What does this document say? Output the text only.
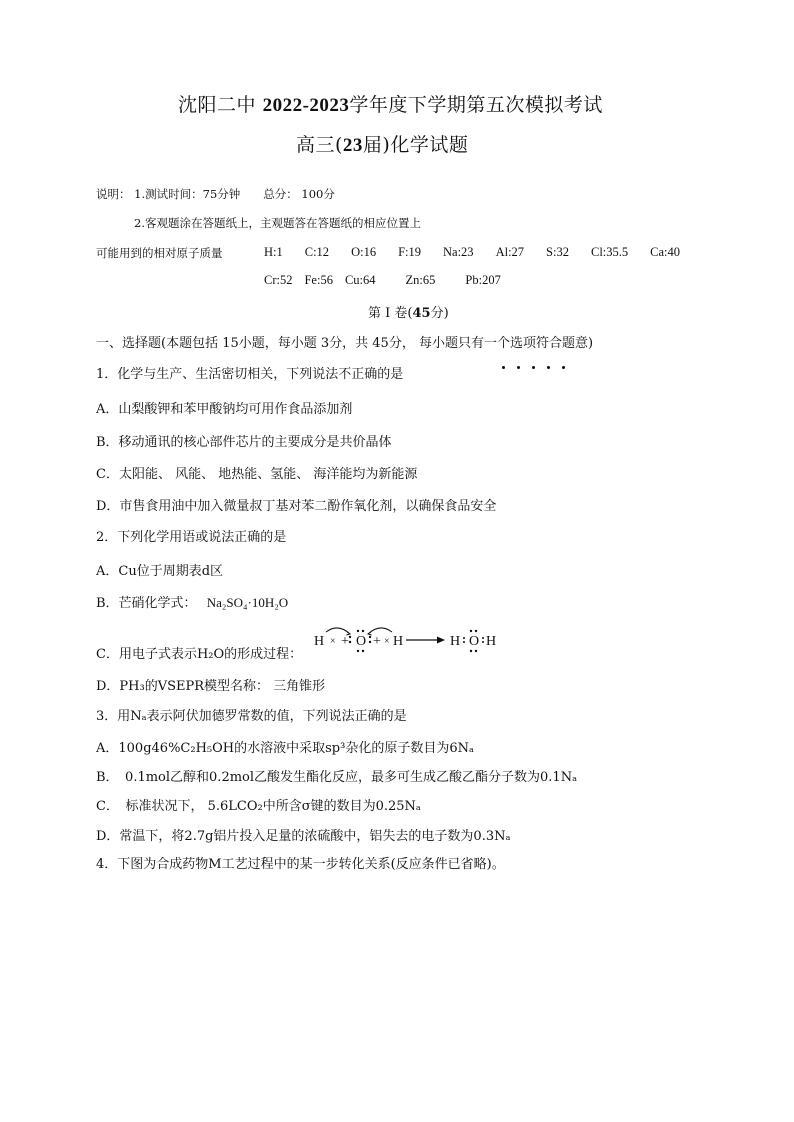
沈阳二中 2022-2023学年度下学期第五次模拟考试
高三(23届)化学试题
说明： 1.测试时间：75分钟　　总分： 100分
2.客观题涂在答题纸上，主观题答在答题纸的相应位置上
可能用到的相对原子质量	H:1 C:12 O:16 F:19 Na:23 Al:27 S:32 Cl:35.5 Ca:40
Cr:52 Fe:56 Cu:64 Zn:65 Pb:207
第 I 卷(45分)
一、选择题(本题包括 15小题，每小题 3分，共 45分， 每小题只有一个选项符合题意)
1．化学与生产、生活密切相关，下列说法不正确的是
A．山梨酸钾和苯甲酸钠均可用作食品添加剂
B．移动通讯的核心部件芯片的主要成分是共价晶体
C．太阳能、 风能、 地热能、氢能、 海洋能均为新能源
D．市售食用油中加入微量叔丁基对苯二酚作氧化剂，以确保食品安全
2．下列化学用语或说法正确的是
A．Cu位于周期表d区
B．芒硝化学式： Na₂SO₄·10H₂O
C．用电子式表示H₂O的形成过程：
H × + O + × H	H O H
D．PH₃的VSEPR模型名称： 三角锥形
3．用Nₐ表示阿伏加德罗常数的值，下列说法正确的是
A．100g46%C₂H₅OH的水溶液中采取sp³杂化的原子数目为6Nₐ
B．　0.1mol乙醇和0.2mol乙酸发生酯化反应，最多可生成乙酸乙酯分子数为0.1Nₐ
C．　标准状况下， 5.6LCO₂中所含σ键的数目为0.25Nₐ
D．常温下，将2.7g铝片投入足量的浓硫酸中，铝失去的电子数为0.3Nₐ
4．下图为合成药物M工艺过程中的某一步转化关系(反应条件已省略)。
